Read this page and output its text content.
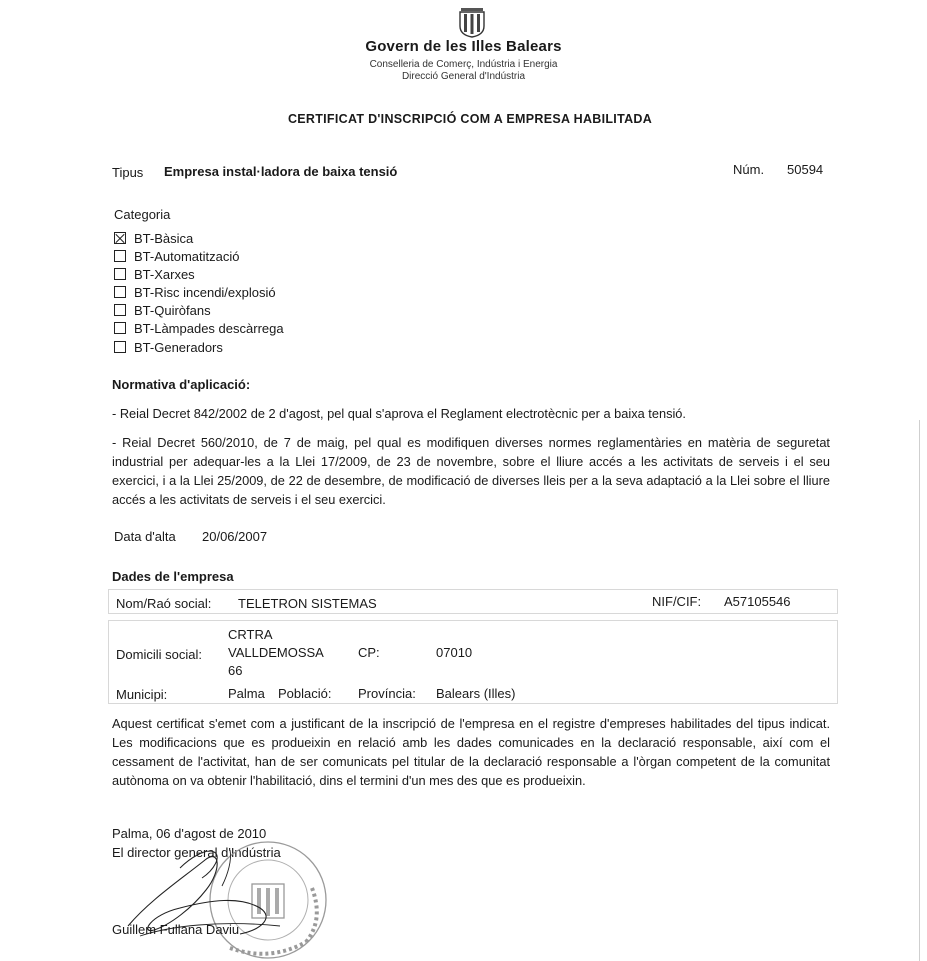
Govern de les Illes Balears
Conselleria de Comerç, Indústria i Energia
Direcció General d'Indústria
CERTIFICAT D'INSCRIPCIÓ COM A EMPRESA HABILITADA
Tipus Empresa instal·ladora de baixa tensió	Núm. 50594
Categoria
BT-Bàsica
BT-Automatització
BT-Xarxes
BT-Risc incendi/explosió
BT-Quiròfans
BT-Làmpades descàrrega
BT-Generadors
Normativa d'aplicació:
- Reial Decret 842/2002 de 2 d'agost, pel qual s'aprova el Reglament electrotècnic per a baixa tensió.
- Reial Decret 560/2010, de 7 de maig, pel qual es modifiquen diverses normes reglamentàries en matèria de seguretat industrial per adequar-les a la Llei 17/2009, de 23 de novembre, sobre el lliure accés a les activitats de serveis i el seu exercici, i a la Llei 25/2009, de 22 de desembre, de modificació de diverses lleis per a la seva adaptació a la Llei sobre el lliure accés a les activitats de serveis i el seu exercici.
Data d'alta 20/06/2007
Dades de l'empresa
Nom/Raó social: TELETRON SISTEMAS	NIF/CIF: A57105546
Domicili social:
CRTRA
VALLDEMOSSA
66
CP:	07010
Municipi:	Palma Població: Província: Balears (Illes)
Aquest certificat s'emet com a justificant de la inscripció de l'empresa en el registre d'empreses habilitades del tipus indicat. Les modificacions que es produeixin en relació amb les dades comunicades en la declaració responsable, així com el cessament de l'activitat, han de ser comunicats pel titular de la declaració responsable a l'òrgan competent de la comunitat autònoma on va obtenir l'habilitació, dins el termini d'un mes des que es produeixin.
Palma, 06 d'agost de 2010
El director general d'Indústria
Guillem Fullana Daviu
